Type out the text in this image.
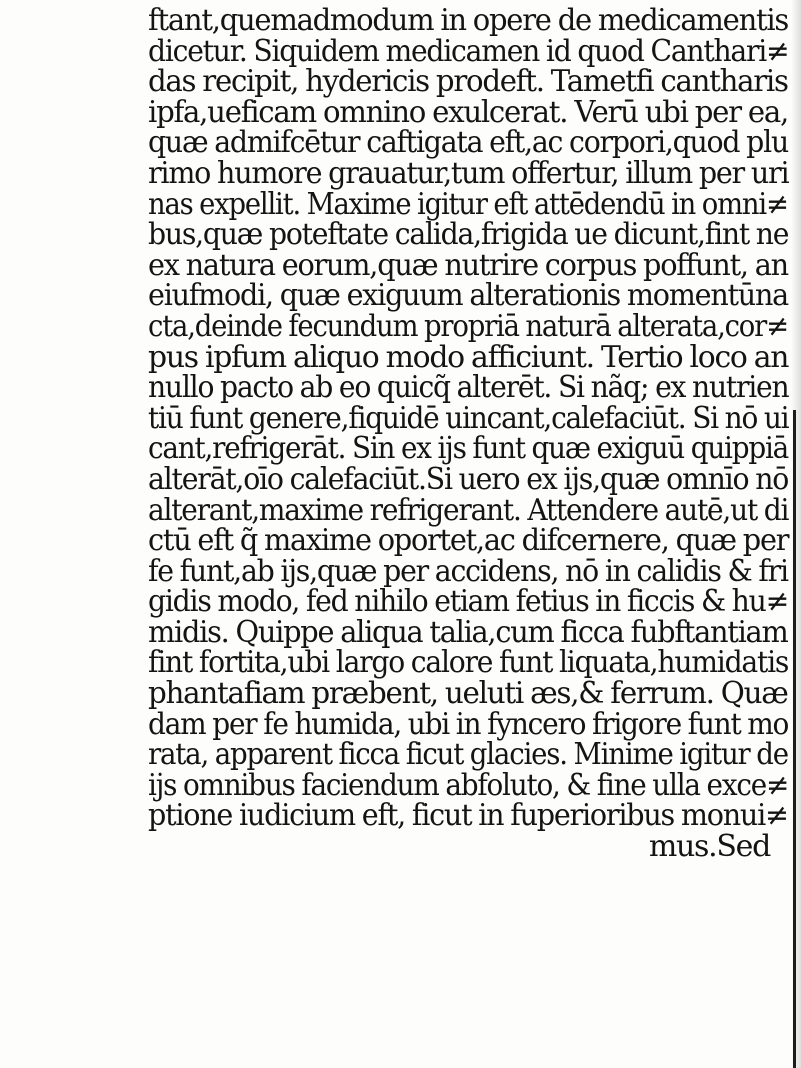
ftant,quemadmodum in opere de medicamentis
dicetur. Siquidem medicamen id quod Canthari≠
das recipit, hydericis prodeft. Tametfi cantharis
ipfa,ueficam omnino exulcerat. Verū ubi per ea,
quæ admifcētur caftigata eft,ac corpori,quod plu
rimo humore grauatur,tum offertur, illum per uri
nas expellit. Maxime igitur eft attēdendū in omni≠
bus,quæ poteftate calida,frigida ue dicunt,fint ne
ex natura eorum,quæ nutrire corpus poffunt, an
eiufmodi, quæ exiguum alterationis momentūna
cta,deinde fecundum propriā naturā alterata,cor≠
pus ipfum aliquo modo afficiunt. Tertio loco an
nullo pacto ab eo quicq̃ alterēt. Si nãq; ex nutrien
tiū funt genere,fiquidē uincant,calefaciūt. Si nō ui
cant,refrigerāt. Sin ex ijs funt quæ exiguū quippiā
alterāt,oīo calefaciūt.Si uero ex ijs,quæ omnīo nō
alterant,maxime refrigerant. Attendere autē,ut di
ctū eft q̃ maxime oportet,ac difcernere, quæ per
fe funt,ab ijs,quæ per accidens, nō in calidis & fri
gidis modo, fed nihilo etiam fetius in ficcis & hu≠
midis. Quippe aliqua talia,cum ficca fubftantiam
fint fortita,ubi largo calore funt liquata,humidatis
phantafiam præbent, ueluti æs,& ferrum. Quæ
dam per fe humida, ubi in fyncero frigore funt mo
rata, apparent ficca ficut glacies. Minime igitur de
ijs omnibus faciendum abfoluto, & fine ulla exce≠
ptione iudicium eft, ficut in fuperioribus monui≠
mus.Sed
